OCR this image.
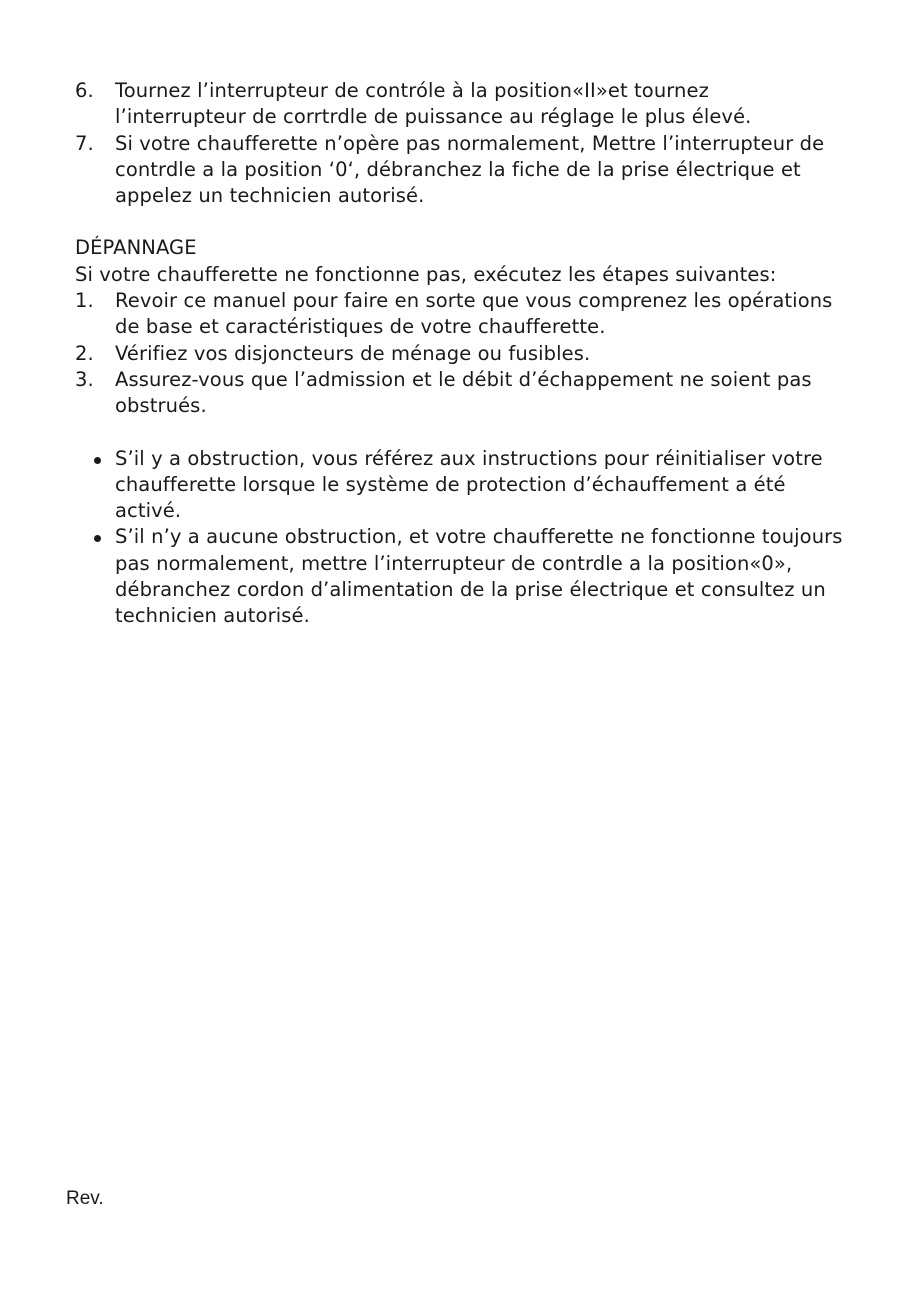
6. Tournez l’interrupteur de contróle à la position«II»et tournez l’interrupteur de corrtrdle de puissance au réglage le plus élevé.
7. Si votre chaufferette n’opère pas normalement, Mettre l’interrupteur de contrdle a la position ‘0‘, débranchez la fiche de la prise électrique et appelez un technicien autorisé.
DÉPANNAGE
Si votre chaufferette ne fonctionne pas, exécutez les étapes suivantes:
1. Revoir ce manuel pour faire en sorte que vous comprenez les opérations de base et caractéristiques de votre chaufferette.
2. Vérifiez vos disjoncteurs de ménage ou fusibles.
3. Assurez-vous que l’admission et le débit d’échappement ne soient pas obstrués.
S’il y a obstruction, vous référez aux instructions pour réinitialiser votre chaufferette lorsque le système de protection d’échauffement a été activé.
S’il n’y a aucune obstruction, et votre chaufferette ne fonctionne toujours pas normalement, mettre l’interrupteur de contrdle a la position«0», débranchez cordon d’alimentation de la prise électrique et consultez un technicien autorisé.
Rev.
